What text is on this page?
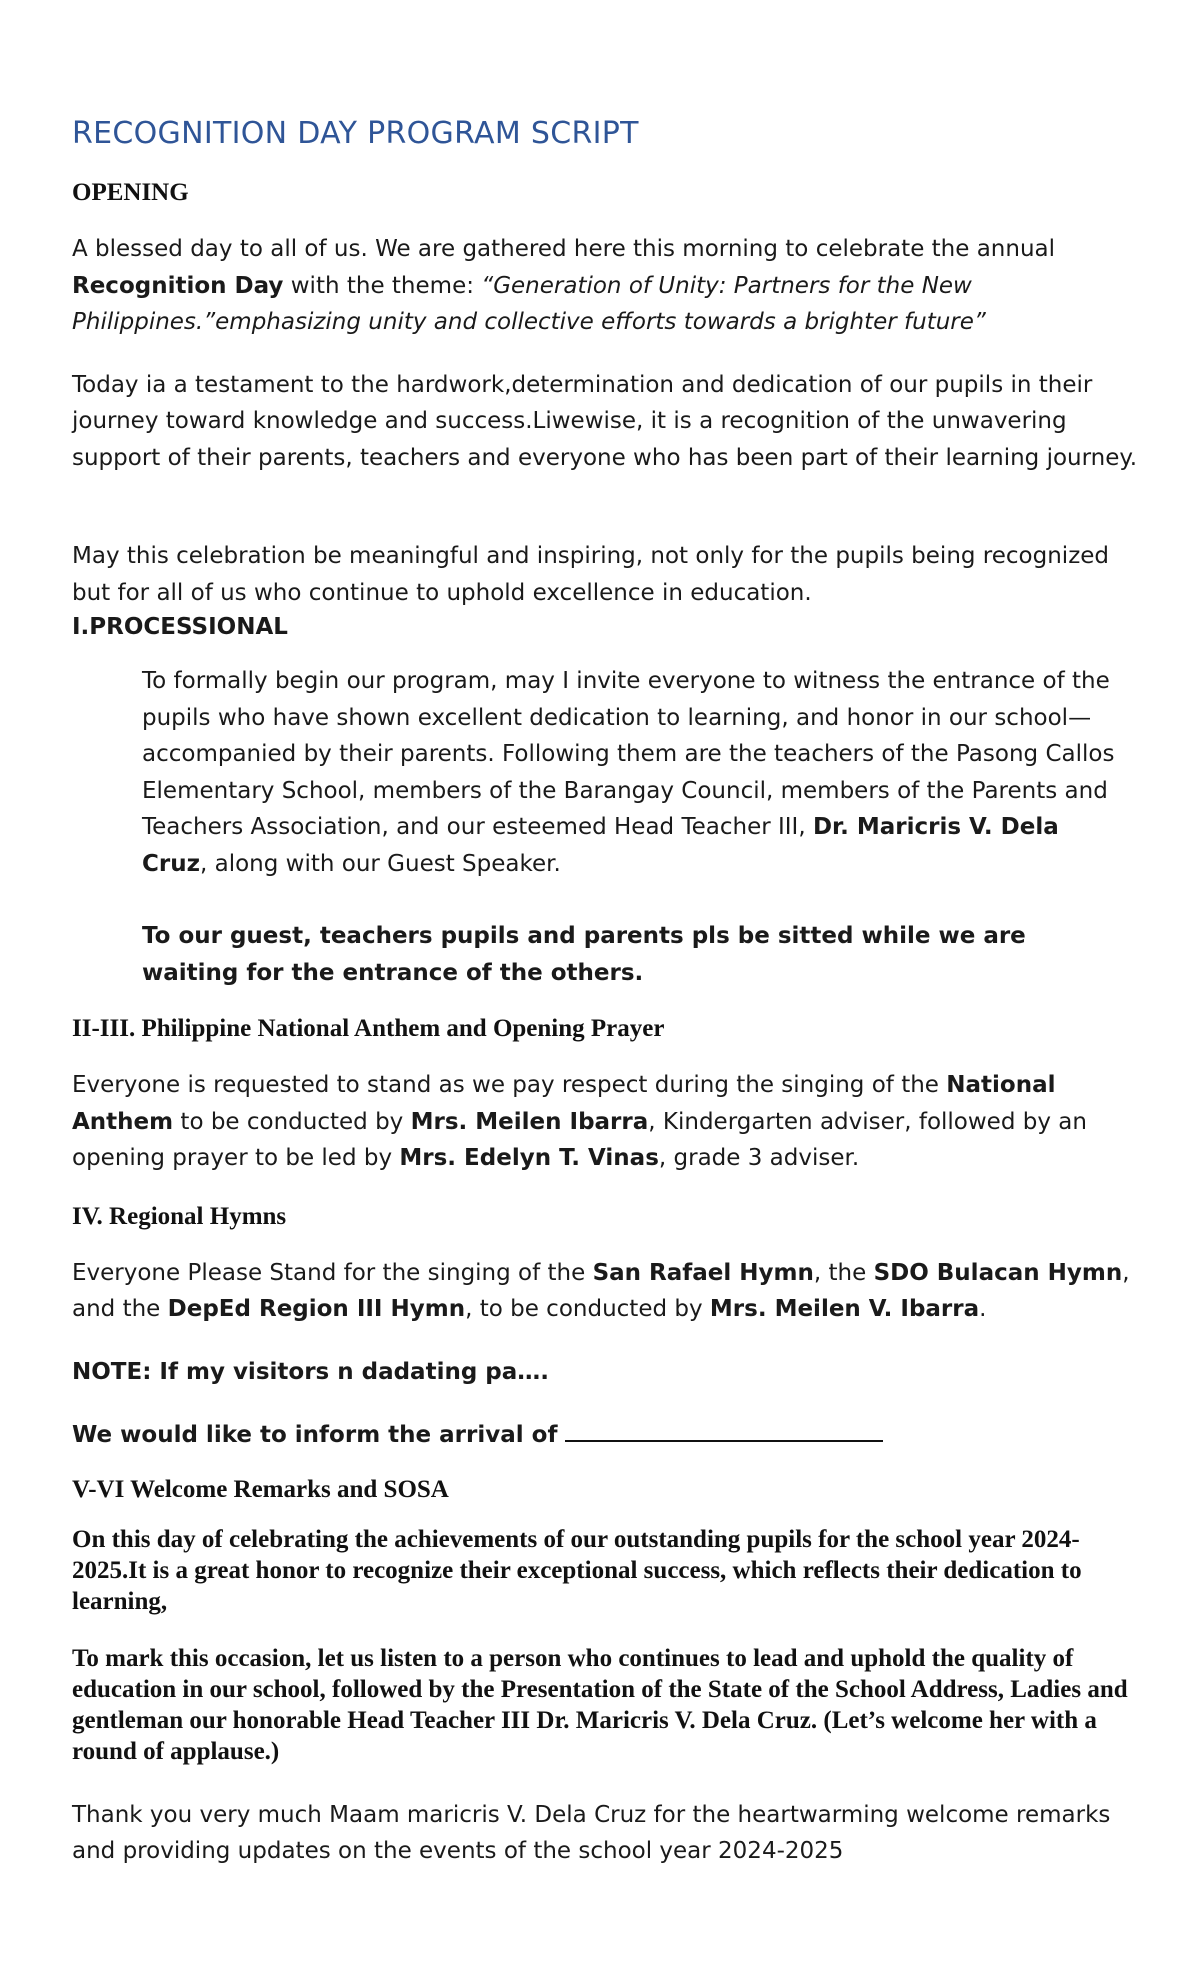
RECOGNITION DAY PROGRAM SCRIPT
OPENING

A blessed day to all of us. We are gathered here this morning to celebrate the annual Recognition Day with the theme: “Generation of Unity: Partners for the New Philippines.”emphasizing unity and collective efforts towards a brighter future”

Today ia a testament to the hardwork,determination and dedication of our pupils in their journey toward knowledge and success.Liwewise, it is a recognition of the unwavering support of their parents, teachers and everyone who has been part of their learning journey.

May this celebration be meaningful and inspiring, not only for the pupils being recognized but for all of us who continue to uphold excellence in education.

I.PROCESSIONAL

To formally begin our program, may I invite everyone to witness the entrance of the pupils who have shown excellent dedication to learning, and honor in our school—accompanied by their parents. Following them are the teachers of the Pasong Callos Elementary School, members of the Barangay Council, members of the Parents and Teachers Association, and our esteemed Head Teacher III, Dr. Maricris V. Dela Cruz, along with our Guest Speaker.

To our guest, teachers pupils and parents pls be sitted while we are waiting for the entrance of the others.

II-III. Philippine National Anthem and Opening Prayer

Everyone is requested to stand as we pay respect during the singing of the National Anthem to be conducted by Mrs. Meilen Ibarra, Kindergarten adviser, followed by an opening prayer to be led by Mrs. Edelyn T. Vinas, grade 3 adviser.

IV. Regional Hymns

Everyone Please Stand for the singing of the San Rafael Hymn, the SDO Bulacan Hymn, and the DepEd Region III Hymn, to be conducted by Mrs. Meilen V. Ibarra.

NOTE: If my visitors n dadating pa….

We would like to inform the arrival of

V-VI Welcome Remarks and SOSA

On this day of celebrating the achievements of our outstanding pupils for the school year 2024-2025.It is a great honor to recognize their exceptional success, which reflects their dedication to learning,

To mark this occasion, let us listen to a person who continues to lead and uphold the quality of education in our school, followed by the Presentation of the State of the School Address, Ladies and gentleman our honorable Head Teacher III Dr. Maricris V. Dela Cruz. (Let’s welcome her with a round of applause.)

Thank you very much Maam maricris V. Dela Cruz for the heartwarming welcome remarks and providing updates on the events of the school year 2024-2025
